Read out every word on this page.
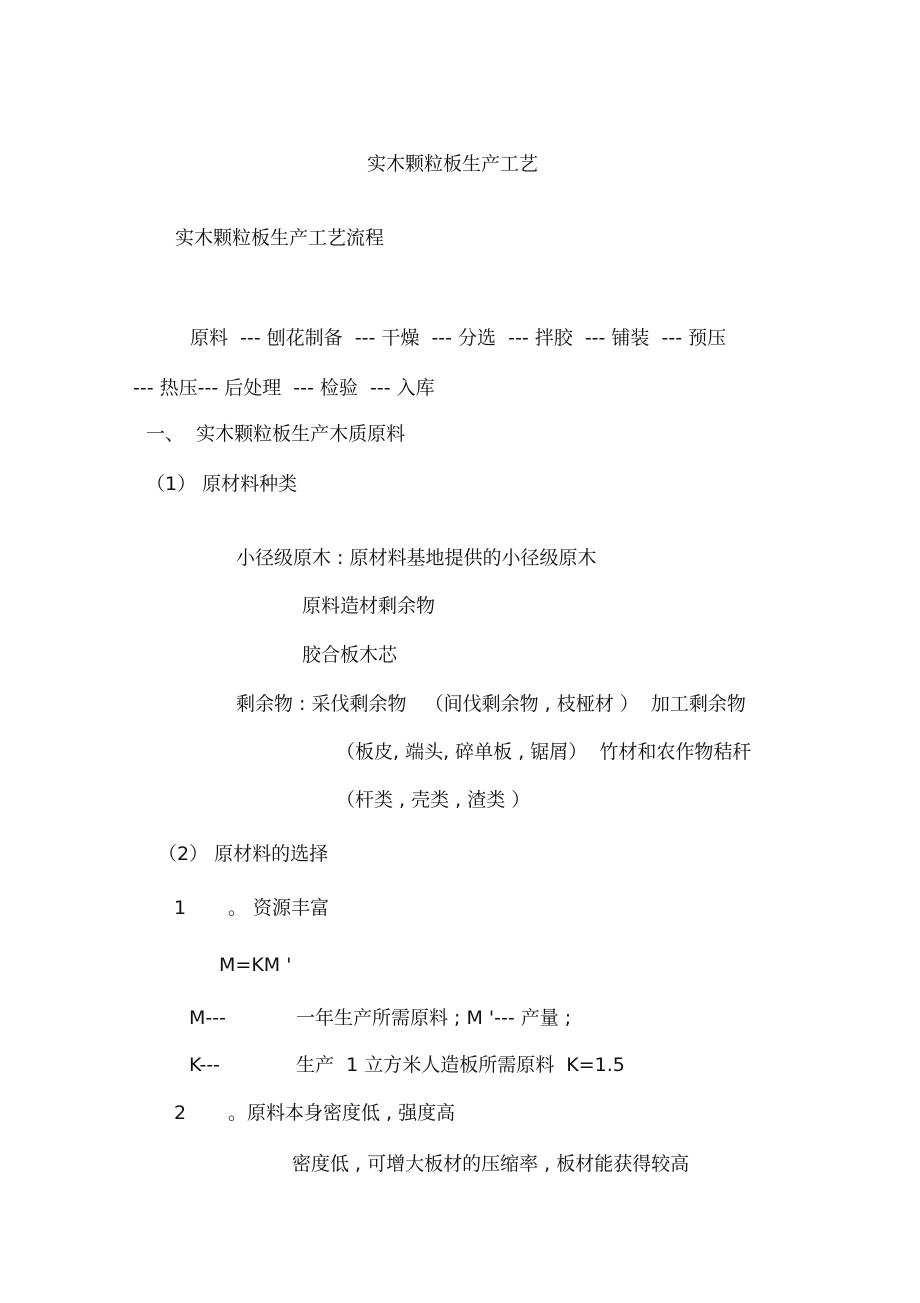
实木颗粒板生产工艺
实木颗粒板生产工艺流程
原料  --- 刨花制备  --- 干燥  --- 分选  --- 拌胶  --- 铺装  --- 预压
--- 热压--- 后处理  --- 检验  --- 入库
一、  实木颗粒板生产木质原料
（1） 原材料种类
小径级原木 : 原材料基地提供的小径级原木
原料造材剩余物
胶合板木芯
剩余物 : 采伐剩余物   （间伐剩余物 , 枝桠材 ）  加工剩余物
（板皮, 端头, 碎单板 , 锯屑）  竹材和农作物秸秆
（杆类 , 壳类 , 渣类 ）
（2） 原材料的选择
1 。 资源丰富
M=KM '
M---	一年生产所需原料 ; M '--- 产量 ;
K---	生产  1 立方米人造板所需原料  K=1.5
2 。原料本身密度低 , 强度高
密度低 , 可增大板材的压缩率 , 板材能获得较高
